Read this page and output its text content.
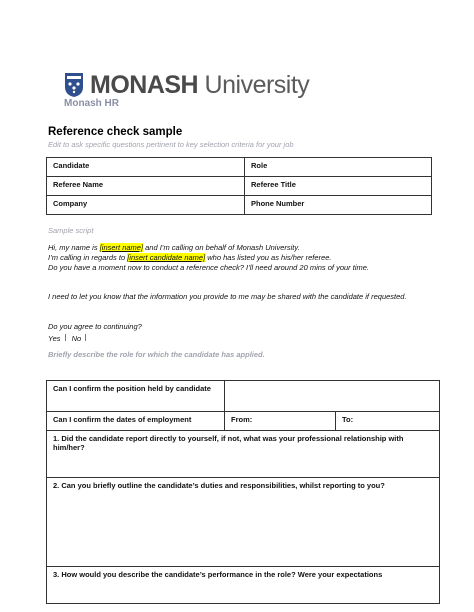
MONASH University
Monash HR
Reference check sample
Edit to ask specific questions pertinent to key selection criteria for your job
Candidate	Role
Referee Name	Referee Title
Company	Phone Number
Sample script
Hi, my name is [insert name] and I’m calling on behalf of Monash University.
I’m calling in regards to [insert candidate name] who has listed you as his/her referee.
Do you have a moment now to conduct a reference check? I’ll need around 20 mins of your time.
I need to let you know that the information you provide to me may be shared with the candidate if requested.
Do you agree to continuing?
Yes No
Briefly describe the role for which the candidate has applied.
Can I confirm the position held by candidate		
Can I confirm the dates of employment	From:	To:
1. Did the candidate report directly to yourself, if not, what was your professional relationship with him/her?		
2. Can you briefly outline the candidate’s duties and responsibilities, whilst reporting to you?		
3. How would you describe the candidate’s performance in the role? Were your expectations		
